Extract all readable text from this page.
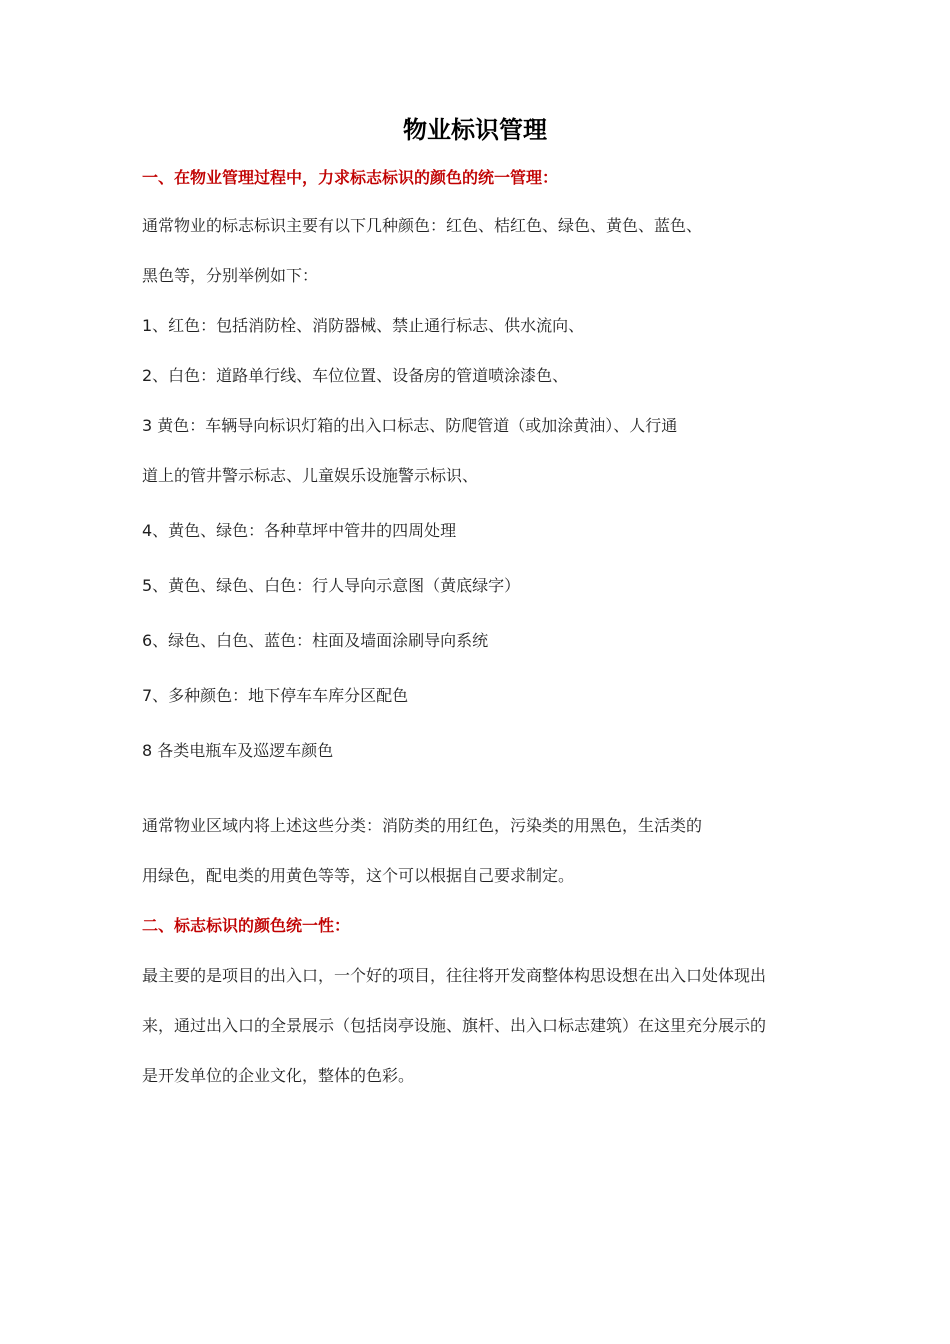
物业标识管理
一、在物业管理过程中，力求标志标识的颜色的统一管理：
通常物业的标志标识主要有以下几种颜色：红色、桔红色、绿色、黄色、蓝色、
黑色等，分别举例如下：
1、红色：包括消防栓、消防器械、禁止通行标志、供水流向、
2、白色：道路单行线、车位位置、设备房的管道喷涂漆色、
3 黄色：车辆导向标识灯箱的出入口标志、防爬管道（或加涂黄油）、人行通
道上的管井警示标志、儿童娱乐设施警示标识、
4、黄色、绿色：各种草坪中管井的四周处理
5、黄色、绿色、白色：行人导向示意图（黄底绿字）
6、绿色、白色、蓝色：柱面及墙面涂刷导向系统
7、多种颜色：地下停车车库分区配色
8 各类电瓶车及巡逻车颜色
通常物业区域内将上述这些分类：消防类的用红色，污染类的用黑色，生活类的
用绿色，配电类的用黄色等等，这个可以根据自己要求制定。
二、标志标识的颜色统一性：
最主要的是项目的出入口，一个好的项目，往往将开发商整体构思设想在出入口处体现出
来，通过出入口的全景展示（包括岗亭设施、旗杆、出入口标志建筑）在这里充分展示的
是开发单位的企业文化，整体的色彩。
